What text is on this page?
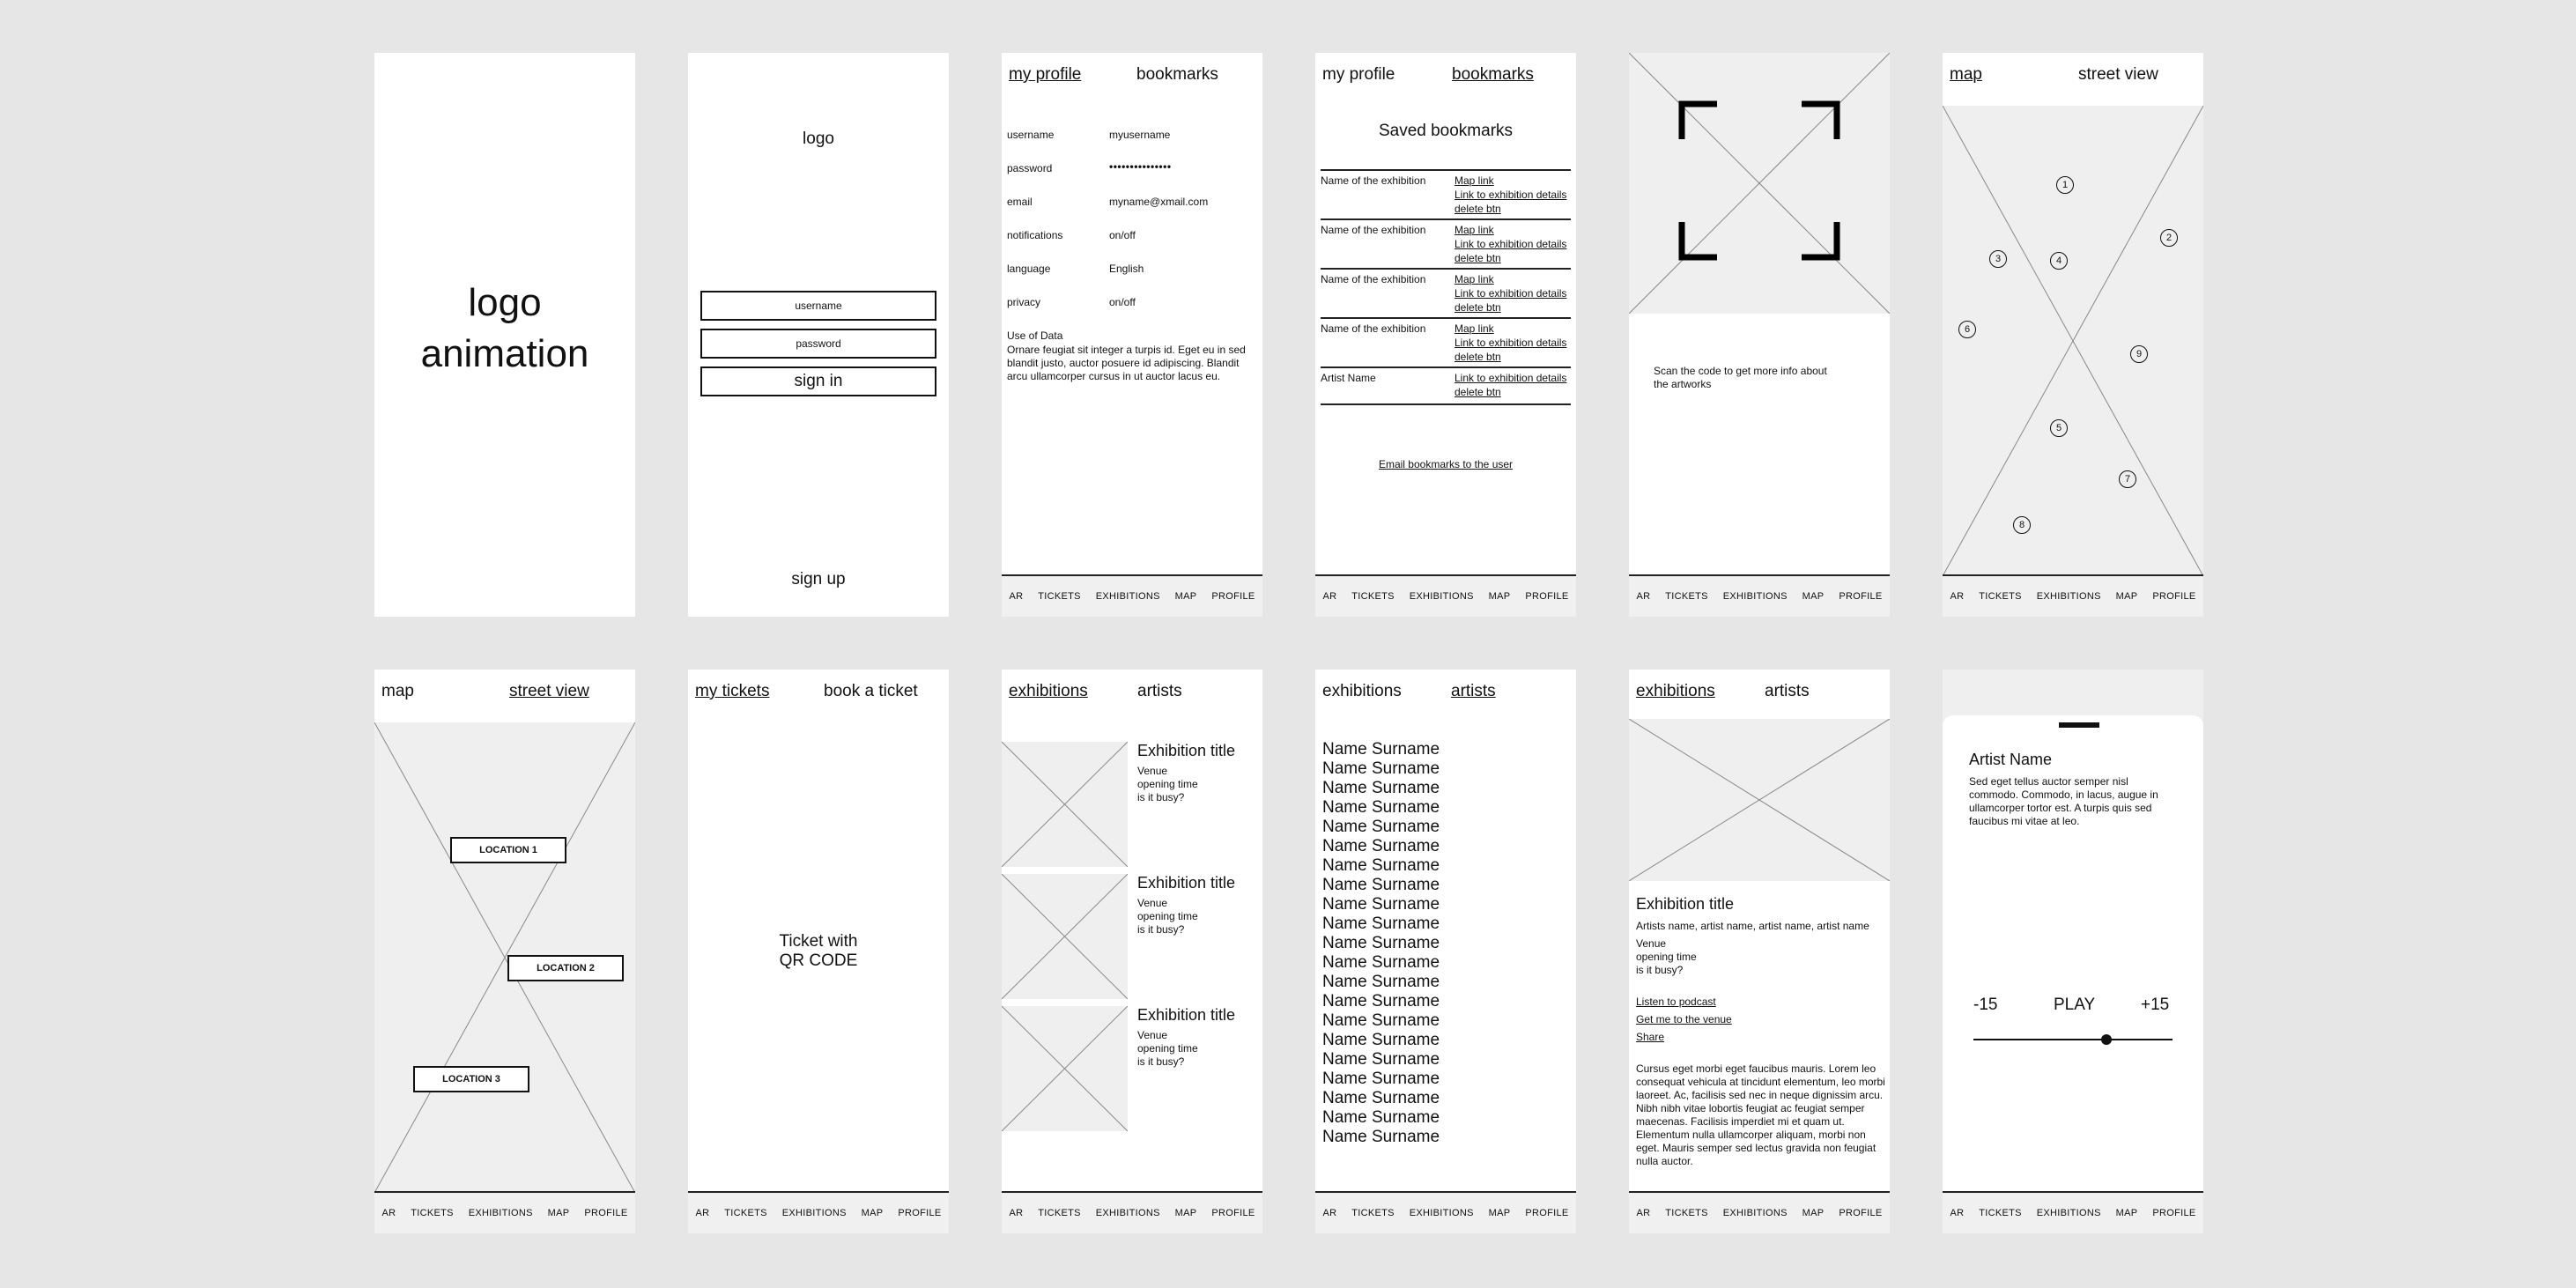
logo
animation
logo
username
password
sign in
sign up
my profile	bookmarks
username	myusername
password	•••••••••••••••
email	myname@xmail.com
notifications	on/off
language	English
privacy	on/off
Use of Data
Ornare feugiat sit integer a turpis id. Eget eu in sed blandit justo, auctor posuere id adipiscing. Blandit arcu ullamcorper cursus in ut auctor lacus eu.
AR TICKETS EXHIBITIONS MAP PROFILE
my profile	bookmarks
Saved bookmarks
Name of the exhibition	Map link
Link to exhibition details
delete btn
Name of the exhibition	Map link
Link to exhibition details
delete btn
Name of the exhibition	Map link
Link to exhibition details
delete btn
Name of the exhibition	Map link
Link to exhibition details
delete btn
Artist Name	Link to exhibition details
delete btn
Email bookmarks to the user
AR TICKETS EXHIBITIONS MAP PROFILE
Scan the code to get more info about the artworks
AR TICKETS EXHIBITIONS MAP PROFILE
map	street view
1
2
3	4
5
6
7
8
9
AR TICKETS EXHIBITIONS MAP PROFILE
map	street view
LOCATION 1
LOCATION 2
LOCATION 3
AR TICKETS EXHIBITIONS MAP PROFILE
my tickets	book a ticket
Ticket with
QR CODE
AR TICKETS EXHIBITIONS MAP PROFILE
exhibitions	artists
Exhibition title
Venue
opening time
is it busy?
Exhibition title
Venue
opening time
is it busy?
Exhibition title
Venue
opening time
is it busy?
AR TICKETS EXHIBITIONS MAP PROFILE
exhibitions	artists
Name Surname
Name Surname
Name Surname
Name Surname
Name Surname
Name Surname
Name Surname
Name Surname
Name Surname
Name Surname
Name Surname
Name Surname
Name Surname
Name Surname
Name Surname
Name Surname
Name Surname
Name Surname
Name Surname
Name Surname
Name Surname
AR TICKETS EXHIBITIONS MAP PROFILE
exhibitions	artists
Exhibition title
Artists name, artist name, artist name, artist name
Venue
opening time
is it busy?
Listen to podcast
Get me to the venue
Share
Cursus eget morbi eget faucibus mauris. Lorem leo consequat vehicula at tincidunt elementum, leo morbi laoreet. Ac, facilisis sed nec in neque dignissim arcu. Nibh nibh vitae lobortis feugiat ac feugiat semper maecenas. Facilisis imperdiet mi et quam ut. Elementum nulla ullamcorper aliquam, morbi non eget. Mauris semper sed lectus gravida non feugiat nulla auctor.
AR TICKETS EXHIBITIONS MAP PROFILE
Artist Name
Sed eget tellus auctor semper nisl commodo. Commodo, in lacus, augue in ullamcorper tortor est. A turpis quis sed faucibus mi vitae at leo.
-15	PLAY	+15
AR TICKETS EXHIBITIONS MAP PROFILE
